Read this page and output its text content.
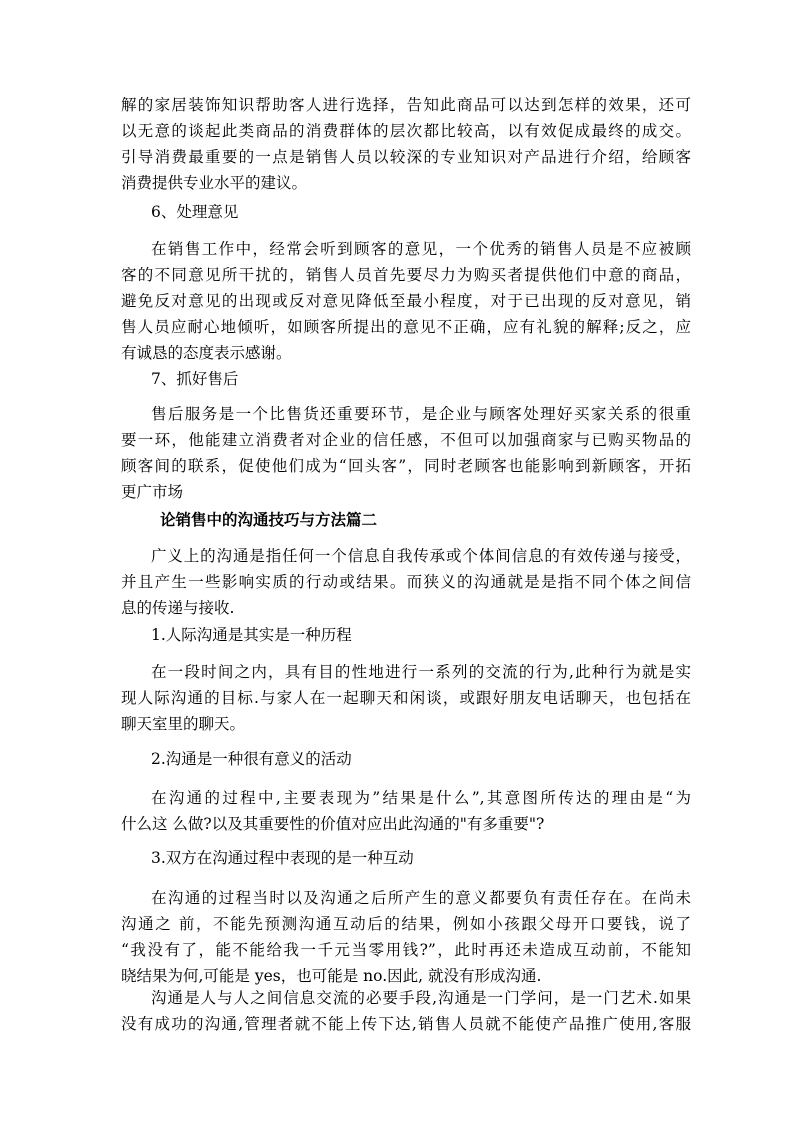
解的家居装饰知识帮助客人进行选择，告知此商品可以达到怎样的效果，还可
以无意的谈起此类商品的消费群体的层次都比较高，以有效促成最终的成交。
引导消费最重要的一点是销售人员以较深的专业知识对产品进行介绍，给顾客
消费提供专业水平的建议。
6、处理意见
在销售工作中，经常会听到顾客的意见，一个优秀的销售人员是不应被顾
客的不同意见所干扰的，销售人员首先要尽力为购买者提供他们中意的商品，
避免反对意见的出现或反对意见降低至最小程度，对于已出现的反对意见，销
售人员应耐心地倾听，如顾客所提出的意见不正确，应有礼貌的解释;反之，应
有诚恳的态度表示感谢。
7、抓好售后
售后服务是一个比售货还重要环节，是企业与顾客处理好买家关系的很重
要一环，他能建立消费者对企业的信任感，不但可以加强商家与已购买物品的
顾客间的联系，促使他们成为“回头客”，同时老顾客也能影响到新顾客，开拓
更广市场
论销售中的沟通技巧与方法篇二
广义上的沟通是指任何一个信息自我传承或个体间信息的有效传递与接受，
并且产生一些影响实质的行动或结果。而狭义的沟通就是是指不同个体之间信
息的传递与接收.
1.人际沟通是其实是一种历程
在一段时间之内，具有目的性地进行一系列的交流的行为,此种行为就是实
现人际沟通的目标.与家人在一起聊天和闲谈，或跟好朋友电话聊天，也包括在
聊天室里的聊天。
2.沟通是一种很有意义的活动
在沟通的过程中,主要表现为”结果是什么”,其意图所传达的理由是“为
什么这 么做?以及其重要性的价值对应出此沟通的"有多重要"?
3.双方在沟通过程中表现的是一种互动
在沟通的过程当时以及沟通之后所产生的意义都要负有责任存在。在尚未
沟通之 前，不能先预测沟通互动后的结果，例如小孩跟父母开口要钱，说了
“我没有了，能不能给我一千元当零用钱?”，此时再还未造成互动前，不能知
晓结果为何,可能是 yes，也可能是 no.因此, 就没有形成沟通.
沟通是人与人之间信息交流的必要手段,沟通是一门学问，是一门艺术.如果
没有成功的沟通,管理者就不能上传下达,销售人员就不能使产品推广使用,客服
